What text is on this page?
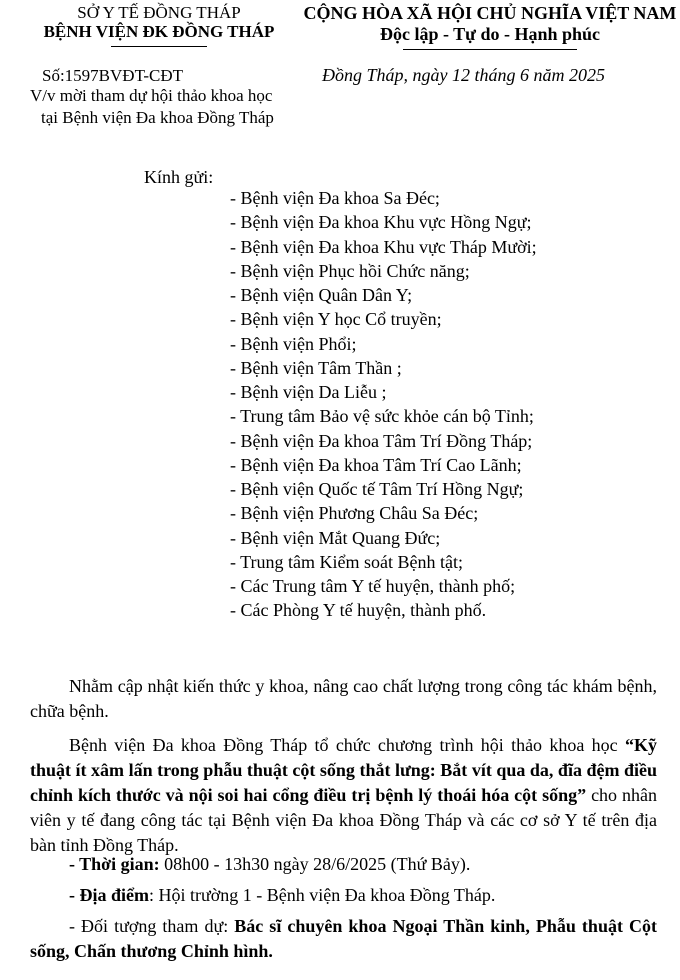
SỞ Y TẾ ĐỒNG THÁP
BỆNH VIỆN ĐK ĐỒNG THÁP
CỘNG HÒA XÃ HỘI CHỦ NGHĨA VIỆT NAM
Độc lập - Tự do - Hạnh phúc
Số:1597BVĐT-CĐT
V/v mời tham dự hội thảo khoa học
tại Bệnh viện Đa khoa Đồng Tháp
Đồng Tháp, ngày 12 tháng 6 năm 2025
Kính gửi:
- Bệnh viện Đa khoa Sa Đéc;
- Bệnh viện Đa khoa Khu vực Hồng Ngự;
- Bệnh viện Đa khoa Khu vực Tháp Mười;
- Bệnh viện Phục hồi Chức năng;
- Bệnh viện Quân Dân Y;
- Bệnh viện Y học Cổ truyền;
- Bệnh viện Phổi;
- Bệnh viện Tâm Thần ;
- Bệnh viện Da Liễu ;
- Trung tâm Bảo vệ sức khỏe cán bộ Tỉnh;
- Bệnh viện Đa khoa Tâm Trí Đồng Tháp;
- Bệnh viện Đa khoa Tâm Trí Cao Lãnh;
- Bệnh viện Quốc tế Tâm Trí Hồng Ngự;
- Bệnh viện Phương Châu Sa Đéc;
- Bệnh viện Mắt Quang Đức;
- Trung tâm Kiểm soát Bệnh tật;
- Các Trung tâm Y tế huyện, thành phố;
- Các Phòng Y tế huyện, thành phố.
Nhằm cập nhật kiến thức y khoa, nâng cao chất lượng trong công tác khám bệnh, chữa bệnh.
Bệnh viện Đa khoa Đồng Tháp tổ chức chương trình hội thảo khoa học “Kỹ thuật ít xâm lấn trong phẫu thuật cột sống thắt lưng: Bắt vít qua da, đĩa đệm điều chỉnh kích thước và nội soi hai cổng điều trị bệnh lý thoái hóa cột sống” cho nhân viên y tế đang công tác tại Bệnh viện Đa khoa Đồng Tháp và các cơ sở Y tế trên địa bàn tỉnh Đồng Tháp.
- Thời gian: 08h00 - 13h30 ngày 28/6/2025 (Thứ Bảy).
- Địa điểm: Hội trường 1 - Bệnh viện Đa khoa Đồng Tháp.
- Đối tượng tham dự: Bác sĩ chuyên khoa Ngoại Thần kinh, Phẫu thuật Cột sống, Chấn thương Chỉnh hình.
